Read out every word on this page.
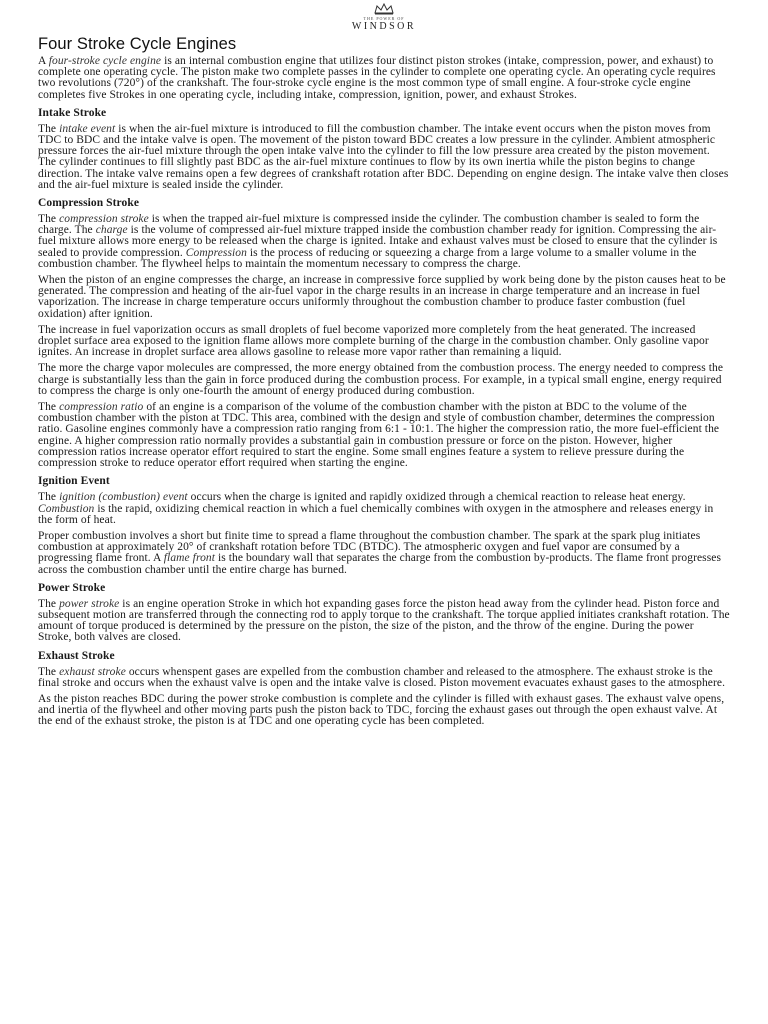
THE POWER OF
WINDSOR
Four Stroke Cycle Engines

A four-stroke cycle engine is an internal combustion engine that utilizes four distinct piston strokes (intake, compression, power, and exhaust) to complete one operating cycle. The piston make two complete passes in the cylinder to complete one operating cycle. An operating cycle requires two revolutions (720°) of the crankshaft. The four-stroke cycle engine is the most common type of small engine. A four-stroke cycle engine completes five Strokes in one operating cycle, including intake, compression, ignition, power, and exhaust Strokes.

Intake Stroke

The intake event is when the air-fuel mixture is introduced to fill the combustion chamber. The intake event occurs when the piston moves from TDC to BDC and the intake valve is open. The movement of the piston toward BDC creates a low pressure in the cylinder. Ambient atmospheric pressure forces the air-fuel mixture through the open intake valve into the cylinder to fill the low pressure area created by the piston movement. The cylinder continues to fill slightly past BDC as the air-fuel mixture continues to flow by its own inertia while the piston begins to change direction. The intake valve remains open a few degrees of crankshaft rotation after BDC. Depending on engine design. The intake valve then closes and the air-fuel mixture is sealed inside the cylinder.

Compression Stroke

The compression stroke is when the trapped air-fuel mixture is compressed inside the cylinder. The combustion chamber is sealed to form the charge. The charge is the volume of compressed air-fuel mixture trapped inside the combustion chamber ready for ignition. Compressing the air-fuel mixture allows more energy to be released when the charge is ignited. Intake and exhaust valves must be closed to ensure that the cylinder is sealed to provide compression. Compression is the process of reducing or squeezing a charge from a large volume to a smaller volume in the combustion chamber. The flywheel helps to maintain the momentum necessary to compress the charge.

When the piston of an engine compresses the charge, an increase in compressive force supplied by work being done by the piston causes heat to be generated. The compression and heating of the air-fuel vapor in the charge results in an increase in charge temperature and an increase in fuel vaporization. The increase in charge temperature occurs uniformly throughout the combustion chamber to produce faster combustion (fuel oxidation) after ignition.

The increase in fuel vaporization occurs as small droplets of fuel become vaporized more completely from the heat generated. The increased droplet surface area exposed to the ignition flame allows more complete burning of the charge in the combustion chamber. Only gasoline vapor ignites. An increase in droplet surface area allows gasoline to release more vapor rather than remaining a liquid.

The more the charge vapor molecules are compressed, the more energy obtained from the combustion process. The energy needed to compress the charge is substantially less than the gain in force produced during the combustion process. For example, in a typical small engine, energy required to compress the charge is only one-fourth the amount of energy produced during combustion.

The compression ratio of an engine is a comparison of the volume of the combustion chamber with the piston at BDC to the volume of the combustion chamber with the piston at TDC. This area, combined with the design and style of combustion chamber, determines the compression ratio. Gasoline engines commonly have a compression ratio ranging from 6:1 - 10:1. The higher the compression ratio, the more fuel-efficient the engine. A higher compression ratio normally provides a substantial gain in combustion pressure or force on the piston. However, higher compression ratios increase operator effort required to start the engine. Some small engines feature a system to relieve pressure during the compression stroke to reduce operator effort required when starting the engine.

Ignition Event

The ignition (combustion) event occurs when the charge is ignited and rapidly oxidized through a chemical reaction to release heat energy. Combustion is the rapid, oxidizing chemical reaction in which a fuel chemically combines with oxygen in the atmosphere and releases energy in the form of heat.

Proper combustion involves a short but finite time to spread a flame throughout the combustion chamber. The spark at the spark plug initiates combustion at approximately 20° of crankshaft rotation before TDC (BTDC). The atmospheric oxygen and fuel vapor are consumed by a progressing flame front. A flame front is the boundary wall that separates the charge from the combustion by-products. The flame front progresses across the combustion chamber until the entire charge has burned.

Power Stroke

The power stroke is an engine operation Stroke in which hot expanding gases force the piston head away from the cylinder head. Piston force and subsequent motion are transferred through the connecting rod to apply torque to the crankshaft. The torque applied initiates crankshaft rotation. The amount of torque produced is determined by the pressure on the piston, the size of the piston, and the throw of the engine. During the power Stroke, both valves are closed.

Exhaust Stroke

The exhaust stroke occurs whenspent gases are expelled from the combustion chamber and released to the atmosphere. The exhaust stroke is the final stroke and occurs when the exhaust valve is open and the intake valve is closed. Piston movement evacuates exhaust gases to the atmosphere.

As the piston reaches BDC during the power stroke combustion is complete and the cylinder is filled with exhaust gases. The exhaust valve opens, and inertia of the flywheel and other moving parts push the piston back to TDC, forcing the exhaust gases out through the open exhaust valve. At the end of the exhaust stroke, the piston is at TDC and one operating cycle has been completed.
